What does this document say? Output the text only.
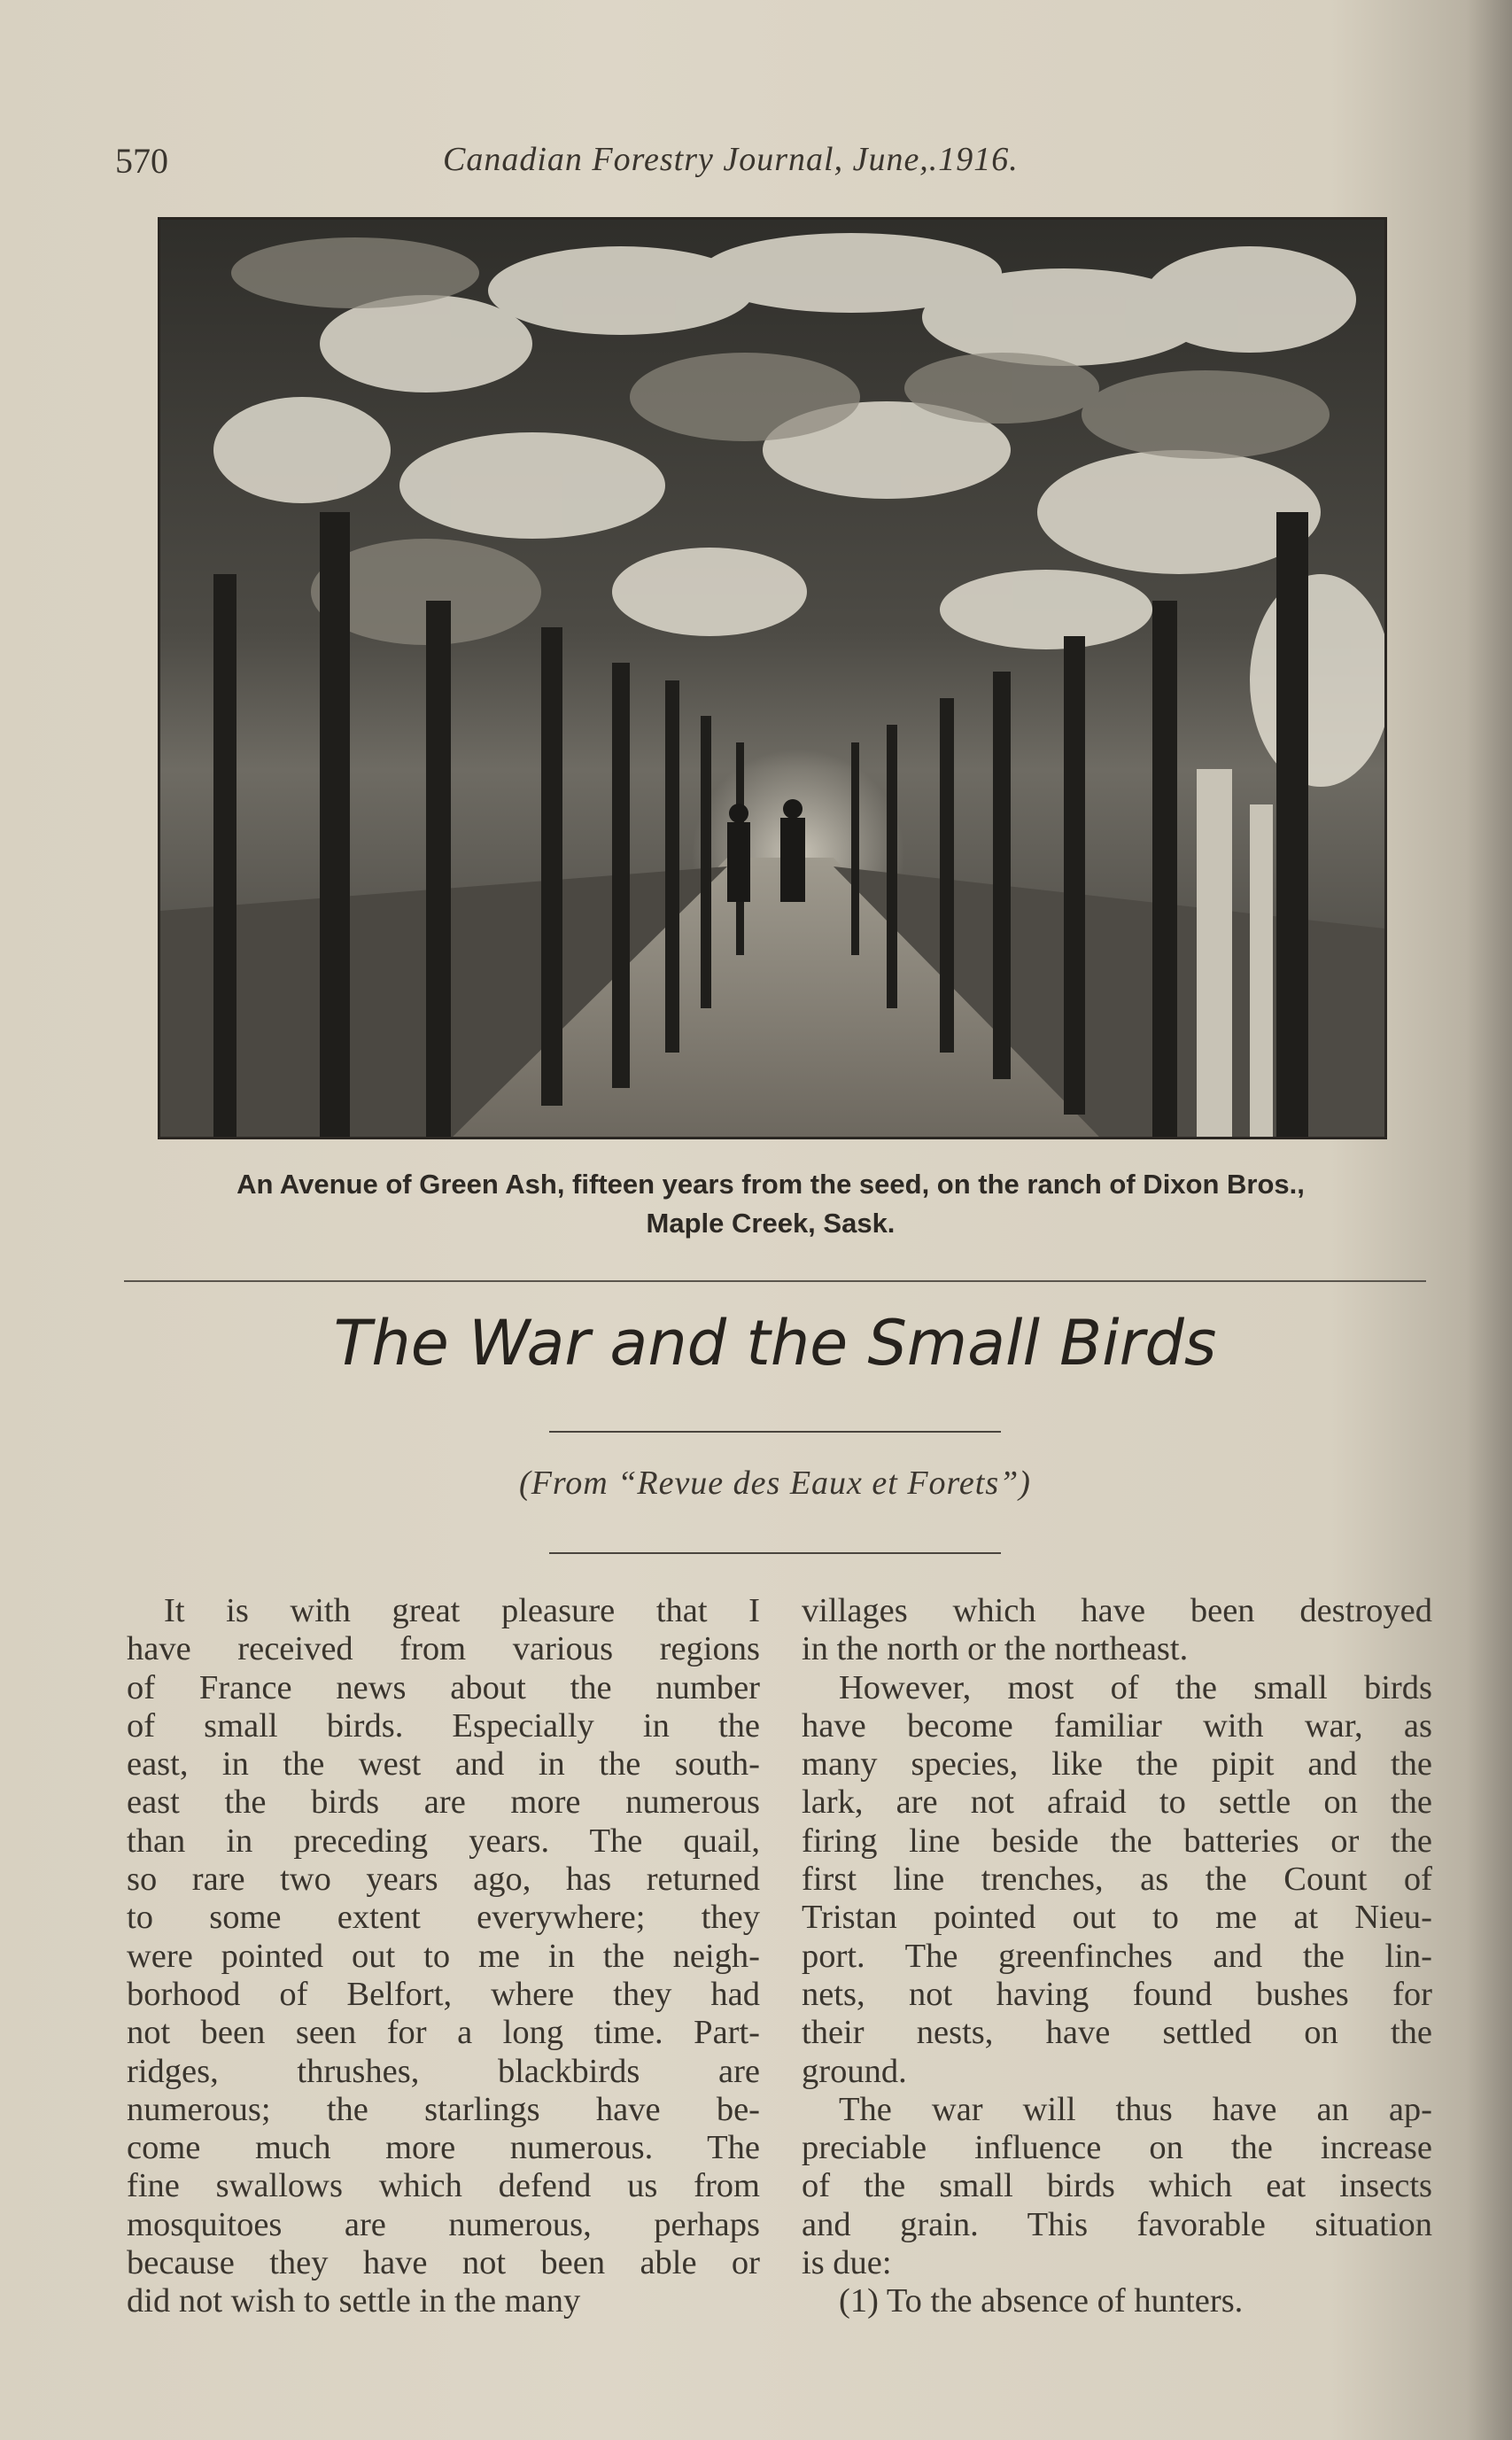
570	Canadian Forestry Journal, June,.1916.
An Avenue of Green Ash, fifteen years from the seed, on the ranch of Dixon Bros.,
Maple Creek, Sask.
The War and the Small Birds
(From “Revue des Eaux et Forets”)
It is with great pleasure that I
have received from various regions
of France news about the number
of small birds. Especially in the
east, in the west and in the south-
east the birds are more numerous
than in preceding years. The quail,
so rare two years ago, has returned
to some extent everywhere; they
were pointed out to me in the neigh-
borhood of Belfort, where they had
not been seen for a long time. Part-
ridges, thrushes, blackbirds are
numerous; the starlings have be-
come much more numerous. The
fine swallows which defend us from
mosquitoes are numerous, perhaps
because they have not been able or
did not wish to settle in the many
villages which have been destroyed
in the north or the northeast.
However, most of the small birds
have become familiar with war, as
many species, like the pipit and the
lark, are not afraid to settle on the
firing line beside the batteries or the
first line trenches, as the Count of
Tristan pointed out to me at Nieu-
port. The greenfinches and the lin-
nets, not having found bushes for
their nests, have settled on the
ground.
The war will thus have an ap-
preciable influence on the increase
of the small birds which eat insects
and grain. This favorable situation
is due:
(1) To the absence of hunters.
